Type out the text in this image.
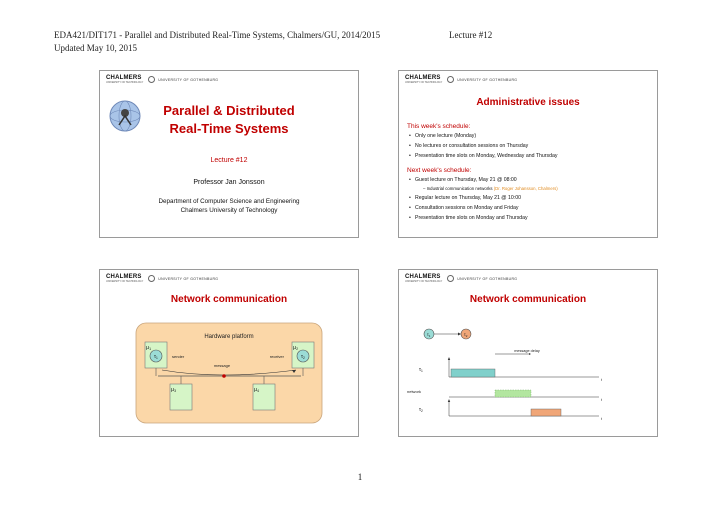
EDA421/DIT171 - Parallel and Distributed Real-Time Systems, Chalmers/GU, 2014/2015	Lecture #12
Updated May 10, 2015
CHALMERS
UNIVERSITY OF TECHNOLOGY
UNIVERSITY OF GOTHENBURG
Parallel & Distributed
Real-Time Systems
Lecture #12
Professor Jan Jonsson
Department of Computer Science and Engineering
Chalmers University of Technology
CHALMERS
UNIVERSITY OF TECHNOLOGY
UNIVERSITY OF GOTHENBURG
Administrative issues
This week's schedule:
• Only one lecture (Monday)
• No lectures or consultation sessions on Thursday
• Presentation time slots on Monday, Wednesday and Thursday
Next week's schedule:
• Guest lecture on Thursday, May 21 @ 08:00
– Industrial communication networks (Dr. Roger Johansson, Chalmers)
• Regular lecture on Thursday, May 21 @ 10:00
• Consultation sessions on Monday and Friday
• Presentation time slots on Monday and Thursday
CHALMERS
UNIVERSITY OF TECHNOLOGY
UNIVERSITY OF GOTHENBURG
Network communication
Hardware platform
μ1
$\tau_1$
μ2
$\tau_2$
sender	receiver
message
μ3	μ4
CHALMERS
UNIVERSITY OF TECHNOLOGY
UNIVERSITY OF GOTHENBURG
Network communication
$\tau_1$	$\tau_2$
message delay
$\tau_1$
t
network
t
$\tau_2$
t
1
